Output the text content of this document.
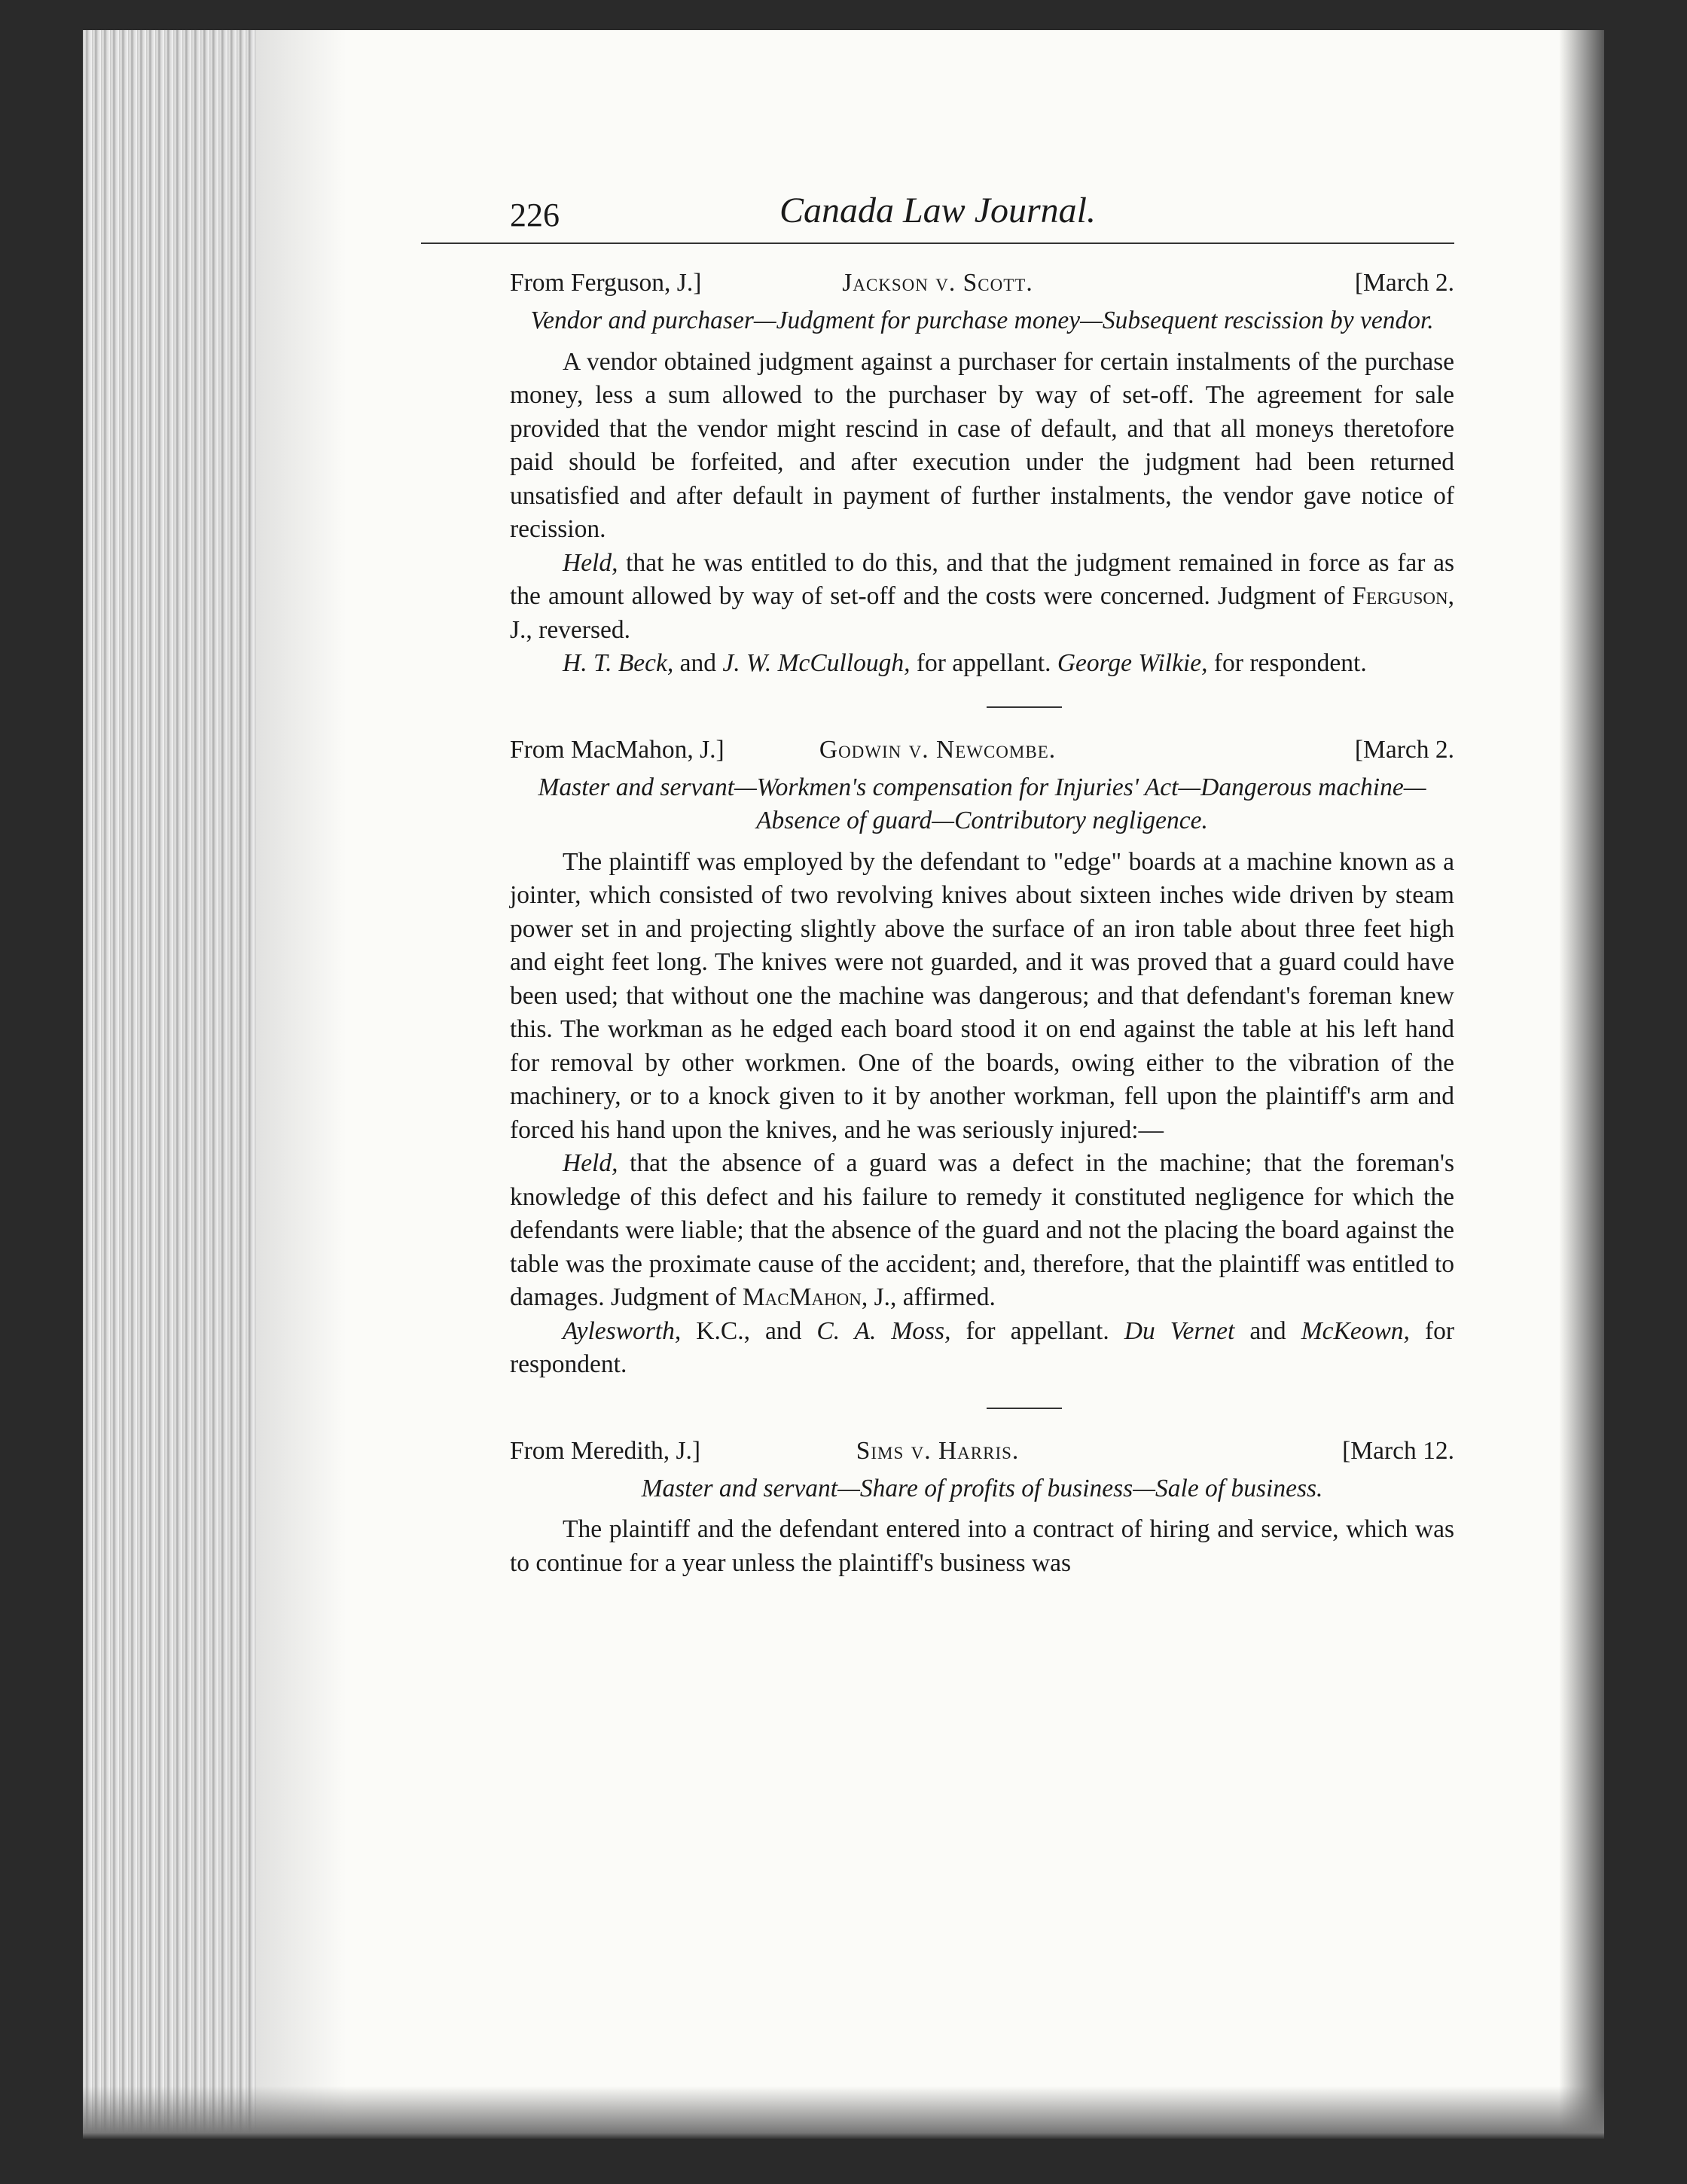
226	Canada Law Journal.
From Ferguson, J.]	Jackson v. Scott.	[March 2.
Vendor and purchaser—Judgment for purchase money—Subsequent rescission by vendor.

A vendor obtained judgment against a purchaser for certain instalments of the purchase money, less a sum allowed to the purchaser by way of set-off. The agreement for sale provided that the vendor might rescind in case of default, and that all moneys theretofore paid should be forfeited, and after execution under the judgment had been returned unsatisfied and after default in payment of further instalments, the vendor gave notice of recission.

Held, that he was entitled to do this, and that the judgment remained in force as far as the amount allowed by way of set-off and the costs were concerned. Judgment of Ferguson, J., reversed.

H. T. Beck, and J. W. McCullough, for appellant. George Wilkie, for respondent.

From MacMahon, J.]	Godwin v. Newcombe.	[March 2.
Master and servant—Workmen's compensation for Injuries' Act—Dangerous machine—Absence of guard—Contributory negligence.

The plaintiff was employed by the defendant to "edge" boards at a machine known as a jointer, which consisted of two revolving knives about sixteen inches wide driven by steam power set in and projecting slightly above the surface of an iron table about three feet high and eight feet long. The knives were not guarded, and it was proved that a guard could have been used; that without one the machine was dangerous; and that defendant's foreman knew this. The workman as he edged each board stood it on end against the table at his left hand for removal by other workmen. One of the boards, owing either to the vibration of the machinery, or to a knock given to it by another workman, fell upon the plaintiff's arm and forced his hand upon the knives, and he was seriously injured:—

Held, that the absence of a guard was a defect in the machine; that the foreman's knowledge of this defect and his failure to remedy it constituted negligence for which the defendants were liable; that the absence of the guard and not the placing the board against the table was the proximate cause of the accident; and, therefore, that the plaintiff was entitled to damages. Judgment of MacMahon, J., affirmed.

Aylesworth, K.C., and C. A. Moss, for appellant. Du Vernet and McKeown, for respondent.

From Meredith, J.]	Sims v. Harris.	[March 12.
Master and servant—Share of profits of business—Sale of business.

The plaintiff and the defendant entered into a contract of hiring and service, which was to continue for a year unless the plaintiff's business was
